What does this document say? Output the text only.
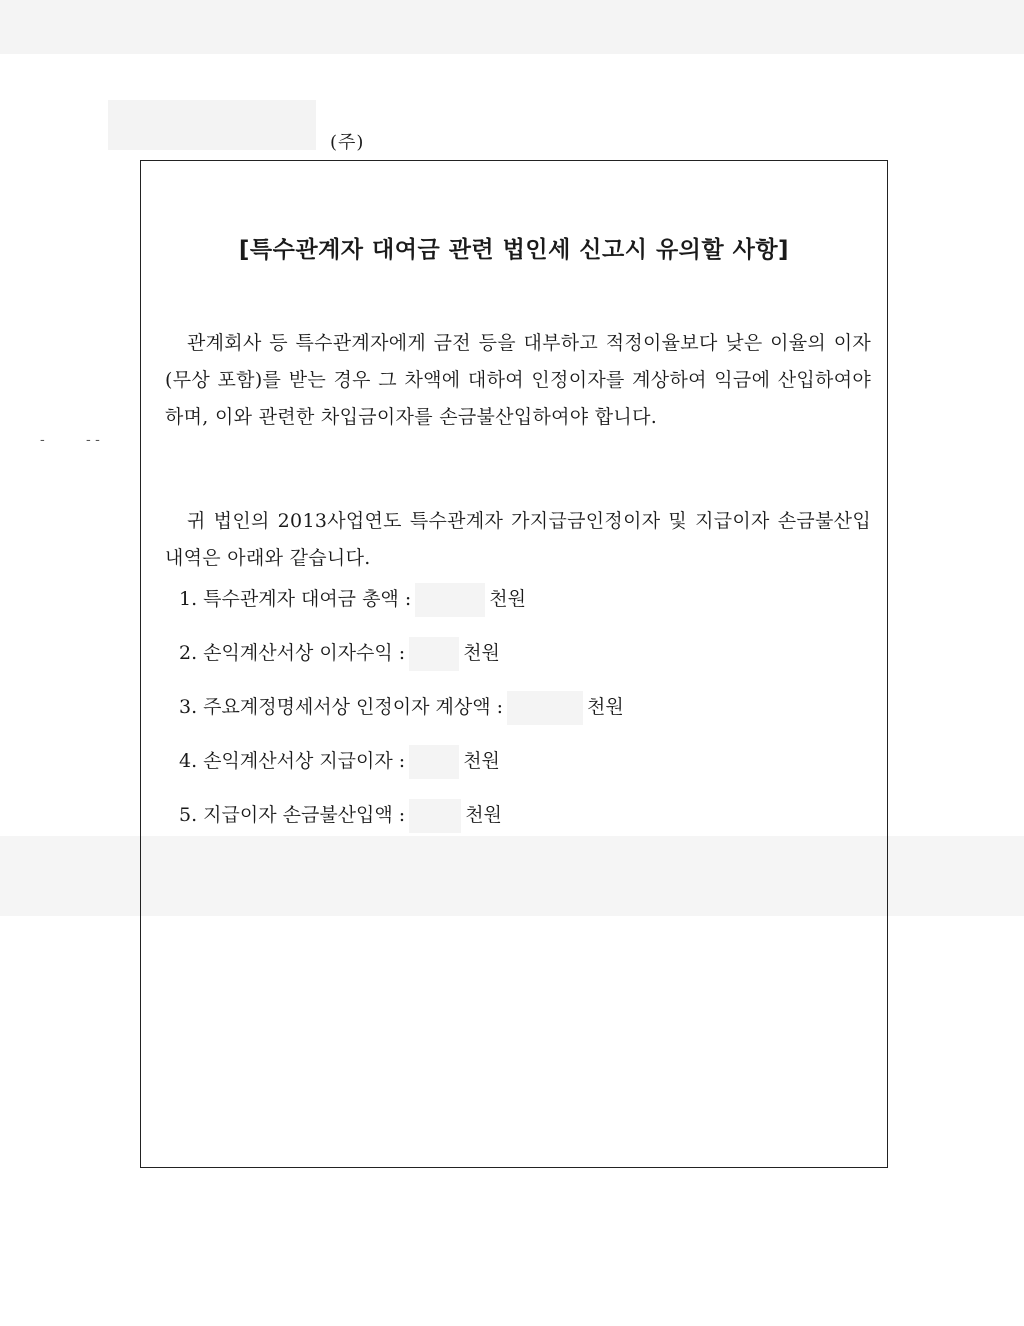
(주)
-	- -
[특수관계자 대여금 관련 법인세 신고시 유의할 사항]

관계회사 등 특수관계자에게 금전 등을 대부하고 적정이율보다 낮은 이율의 이자(무상 포함)를 받는 경우 그 차액에 대하여 인정이자를 계상하여 익금에 산입하여야 하며, 이와 관련한 차입금이자를 손금불산입하여야 합니다.

귀 법인의 2013사업연도 특수관계자 가지급금인정이자 및 지급이자 손금불산입 내역은 아래와 같습니다.

1. 특수관계자 대여금 총액 :	천원
2. 손익계산서상 이자수익 :	천원
3. 주요계정명세서상 인정이자 계상액 :	천원
4. 손익계산서상 지급이자 :	천원
5. 지급이자 손금불산입액 :	천원
